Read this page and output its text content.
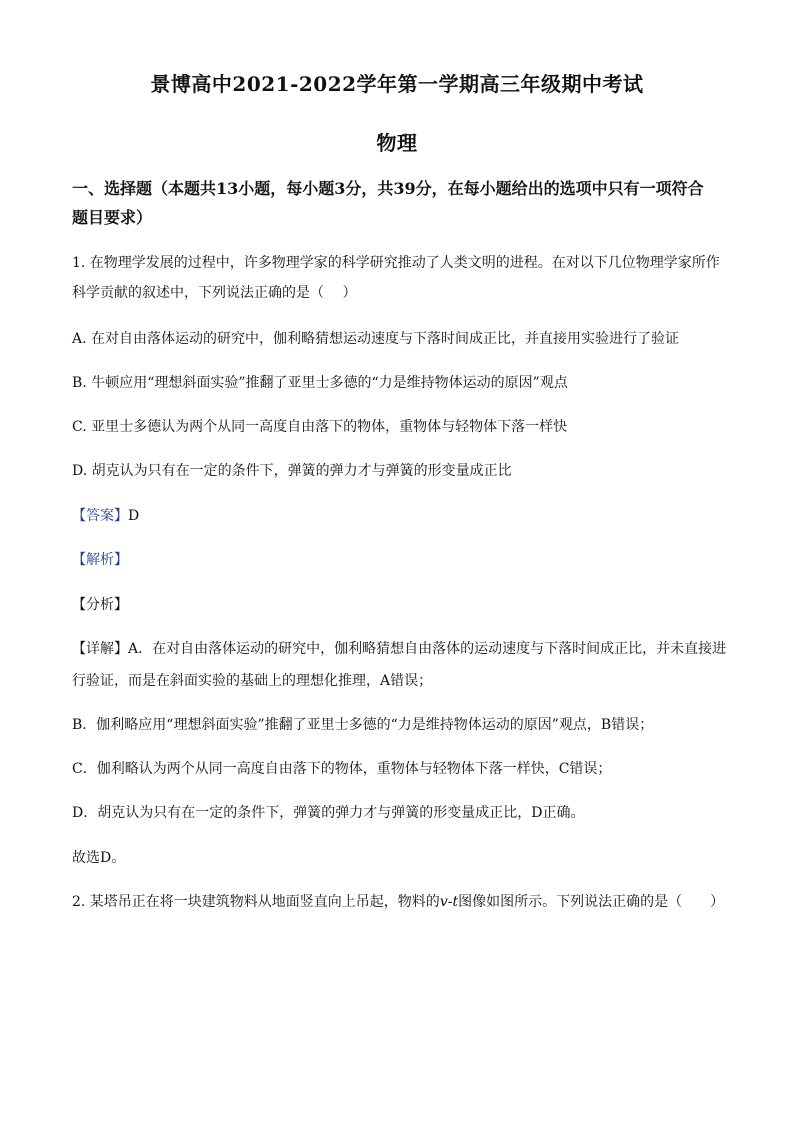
景博高中2021-2022学年第一学期高三年级期中考试
物理
一、选择题（本题共13小题，每小题3分，共39分，在每小题给出的选项中只有一项符合
题目要求）
1. 在物理学发展的过程中，许多物理学家的科学研究推动了人类文明的进程。在对以下几位物理学家所作
科学贡献的叙述中，下列说法正确的是（　 ）
A. 在对自由落体运动的研究中，伽利略猜想运动速度与下落时间成正比，并直接用实验进行了验证
B. 牛顿应用“理想斜面实验”推翻了亚里士多德的“力是维持物体运动的原因”观点
C. 亚里士多德认为两个从同一高度自由落下的物体，重物体与轻物体下落一样快
D. 胡克认为只有在一定的条件下，弹簧的弹力才与弹簧的形变量成正比
【答案】D
【解析】
【分析】
【详解】A．在对自由落体运动的研究中，伽利略猜想自由落体的运动速度与下落时间成正比，并未直接进
行验证，而是在斜面实验的基础上的理想化推理，A错误；
B．伽利略应用“理想斜面实验”推翻了亚里士多德的“力是维持物体运动的原因”观点，B错误；
C．伽利略认为两个从同一高度自由落下的物体，重物体与轻物体下落一样快，C错误；
D．胡克认为只有在一定的条件下，弹簧的弹力才与弹簧的形变量成正比，D正确。
故选D。
2. 某塔吊正在将一块建筑物料从地面竖直向上吊起，物料的v-t图像如图所示。下列说法正确的是（　　）
